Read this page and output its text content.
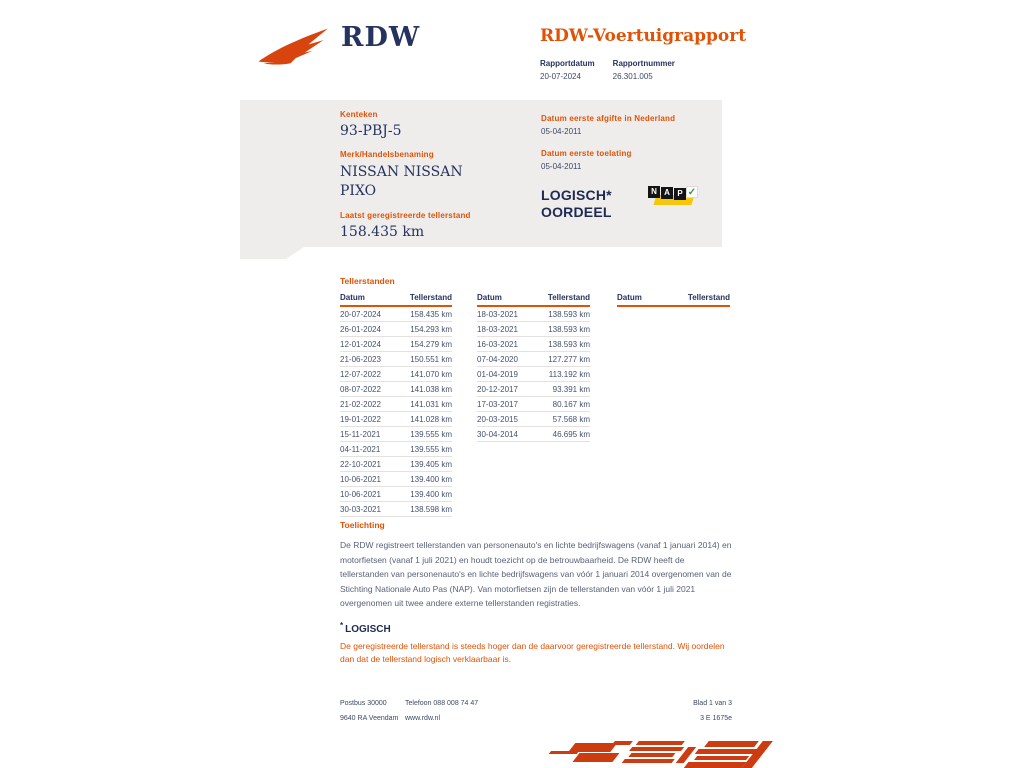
RDW	RDW-Voertuigrapport
Rapportdatum
20-07-2024
Rapportnummer
26.301.005
Kenteken
93-PBJ-5
Merk/Handelsbenaming
NISSAN NISSAN PIXO
Laatst geregistreerde tellerstand
158.435 km
Datum eerste afgifte in Nederland
05-04-2011
Datum eerste toelating
05-04-2011
LOGISCH*
OORDEEL
N A P ✓
Tellerstanden
Datum	Tellerstand
20-07-2024	158.435 km
26-01-2024	154.293 km
12-01-2024	154.279 km
21-06-2023	150.551 km
12-07-2022	141.070 km
08-07-2022	141.038 km
21-02-2022	141.031 km
19-01-2022	141.028 km
15-11-2021	139.555 km
04-11-2021	139.555 km
22-10-2021	139.405 km
10-06-2021	139.400 km
10-06-2021	139.400 km
30-03-2021	138.598 km
Datum	Tellerstand
18-03-2021	138.593 km
18-03-2021	138.593 km
16-03-2021	138.593 km
07-04-2020	127.277 km
01-04-2019	113.192 km
20-12-2017	93.391 km
17-03-2017	80.167 km
20-03-2015	57.568 km
30-04-2014	46.695 km
Datum	Tellerstand
Toelichting
De RDW registreert tellerstanden van personenauto's en lichte bedrijfswagens (vanaf 1 januari 2014) en motorfietsen (vanaf 1 juli 2021) en houdt toezicht op de betrouwbaarheid. De RDW heeft de tellerstanden van personenauto's en lichte bedrijfswagens van vóór 1 januari 2014 overgenomen van de Stichting Nationale Auto Pas (NAP). Van motorfietsen zijn de tellerstanden van vóór 1 juli 2021 overgenomen uit twee andere externe tellerstanden registraties.
* LOGISCH
De geregistreerde tellerstand is steeds hoger dan de daarvoor geregistreerde tellerstand. Wij oordelen dan dat de tellerstand logisch verklaarbaar is.
Postbus 30000
9640 RA Veendam
Telefoon 088 008 74 47
www.rdw.nl
Blad 1 van 3
3 E 1675e
